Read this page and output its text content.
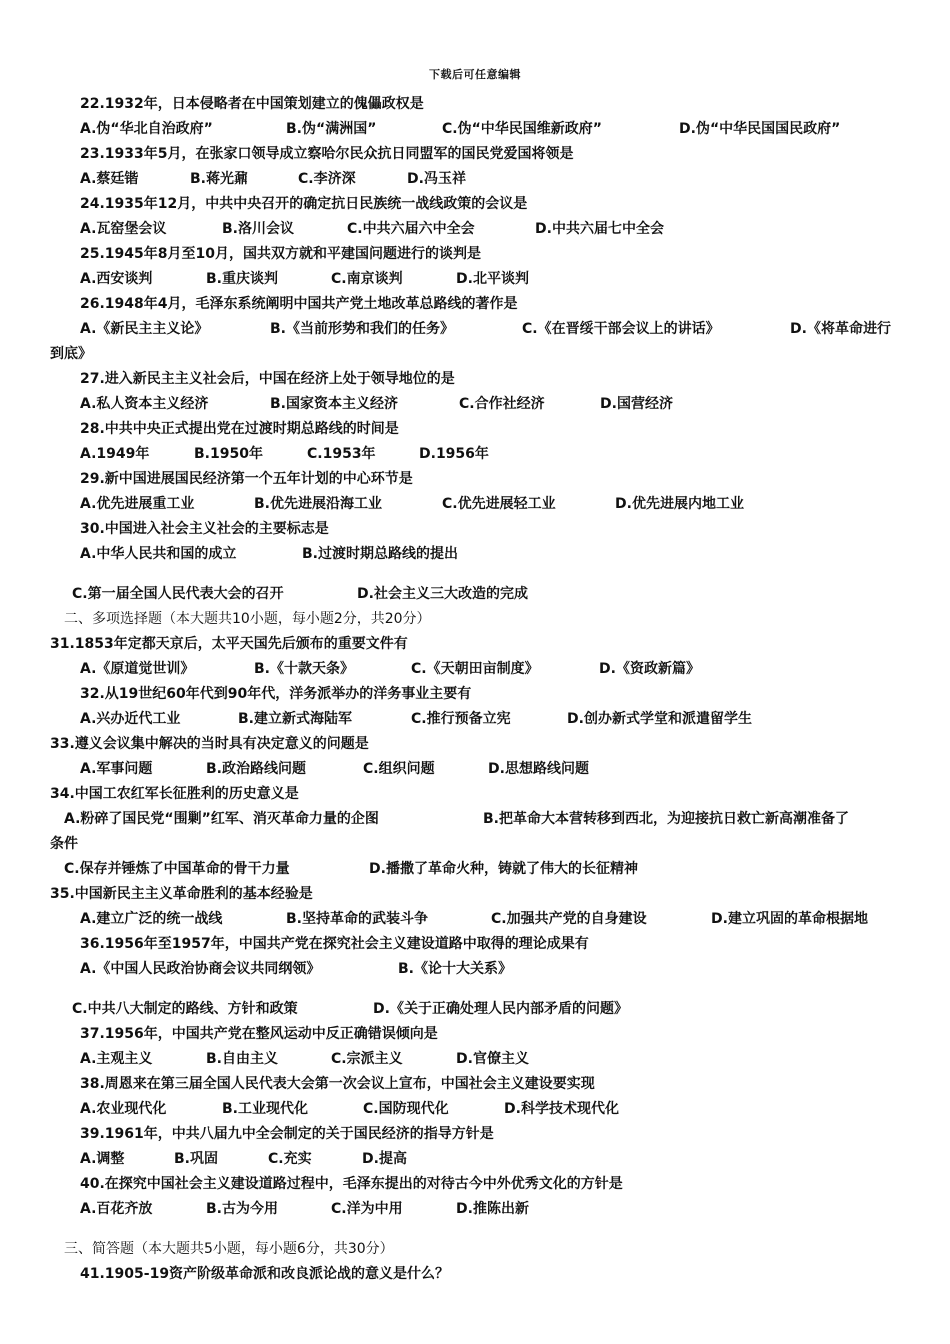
下载后可任意编辑
22.1932年，日本侵略者在中国策划建立的傀儡政权是
A.伪“华北自治政府”	B.伪“满洲国”	C.伪“中华民国维新政府”	D.伪“中华民国国民政府”
23.1933年5月，在张家口领导成立察哈尔民众抗日同盟军的国民党爱国将领是
A.蔡廷锴	B.蒋光鼐	C.李济深	D.冯玉祥
24.1935年12月，中共中央召开的确定抗日民族统一战线政策的会议是
A.瓦窑堡会议	B.洛川会议	C.中共六届六中全会	D.中共六届七中全会
25.1945年8月至10月，国共双方就和平建国问题进行的谈判是
A.西安谈判	B.重庆谈判	C.南京谈判	D.北平谈判
26.1948年4月，毛泽东系统阐明中国共产党土地改革总路线的著作是
A.《新民主主义论》	B.《当前形势和我们的任务》	C.《在晋绥干部会议上的讲话》	D.《将革命进行
到底》
27.进入新民主主义社会后，中国在经济上处于领导地位的是
A.私人资本主义经济	B.国家资本主义经济	C.合作社经济	D.国营经济
28.中共中央正式提出党在过渡时期总路线的时间是
A.1949年	B.1950年	C.1953年	D.1956年
29.新中国进展国民经济第一个五年计划的中心环节是
A.优先进展重工业	B.优先进展沿海工业	C.优先进展轻工业	D.优先进展内地工业
30.中国进入社会主义社会的主要标志是
A.中华人民共和国的成立	B.过渡时期总路线的提出
C.第一届全国人民代表大会的召开	D.社会主义三大改造的完成
二、多项选择题（本大题共10小题，每小题2分，共20分）
31.1853年定都天京后，太平天国先后颁布的重要文件有
A.《原道觉世训》	B.《十款天条》	C.《天朝田亩制度》	D.《资政新篇》
32.从19世纪60年代到90年代，洋务派举办的洋务事业主要有
A.兴办近代工业	B.建立新式海陆军	C.推行预备立宪	D.创办新式学堂和派遣留学生
33.遵义会议集中解决的当时具有决定意义的问题是
A.军事问题	B.政治路线问题	C.组织问题	D.思想路线问题
34.中国工农红军长征胜利的历史意义是
A.粉碎了国民党“围剿”红军、消灭革命力量的企图	B.把革命大本营转移到西北，为迎接抗日救亡新高潮准备了
条件
C.保存并锤炼了中国革命的骨干力量	D.播撒了革命火种，铸就了伟大的长征精神
35.中国新民主主义革命胜利的基本经验是
A.建立广泛的统一战线	B.坚持革命的武装斗争	C.加强共产党的自身建设	D.建立巩固的革命根据地
36.1956年至1957年，中国共产党在探究社会主义建设道路中取得的理论成果有
A.《中国人民政治协商会议共同纲领》	B.《论十大关系》
C.中共八大制定的路线、方针和政策	D.《关于正确处理人民内部矛盾的问题》
37.1956年，中国共产党在整风运动中反正确错误倾向是
A.主观主义	B.自由主义	C.宗派主义	D.官僚主义
38.周恩来在第三届全国人民代表大会第一次会议上宣布，中国社会主义建设要实现
A.农业现代化	B.工业现代化	C.国防现代化	D.科学技术现代化
39.1961年，中共八届九中全会制定的关于国民经济的指导方针是
A.调整	B.巩固	C.充实	D.提高
40.在探究中国社会主义建设道路过程中，毛泽东提出的对待古今中外优秀文化的方针是
A.百花齐放	B.古为今用	C.洋为中用	D.推陈出新
三、简答题（本大题共5小题，每小题6分，共30分）
41.1905-19资产阶级革命派和改良派论战的意义是什么？
